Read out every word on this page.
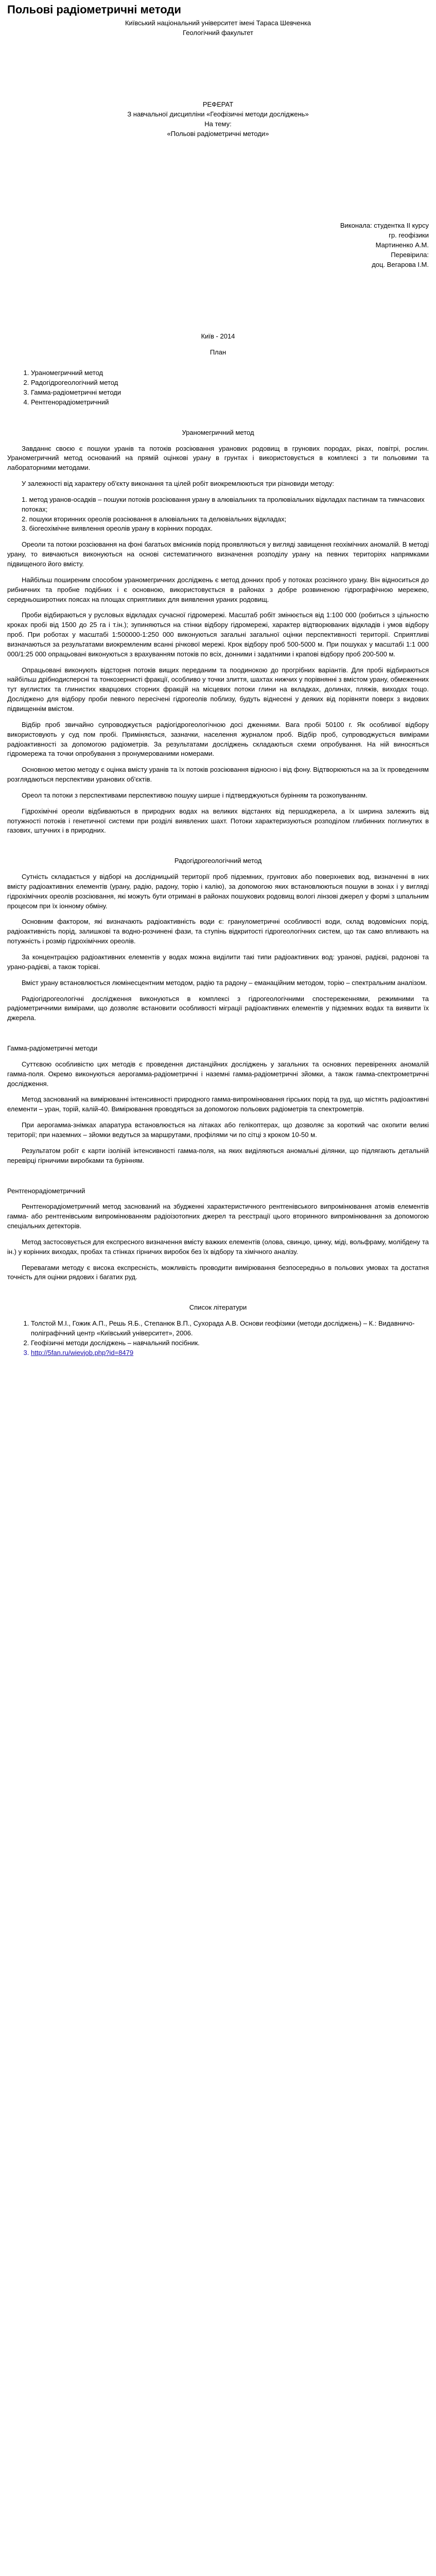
Польові радіометричні методи

Київський національний університет імені Тараса Шевченка

Геологічний факультет

РЕФЕРАТ

З навчальної дисципліни «Геофізичні методи досліджень»

На тему:

«Польові радіометричні методи»

Виконала: студентка ІІ курсу

гр. геофізики

Мартиненко А.М.

Перевірила:

доц. Вегарова І.М.

Київ - 2014

План

1. Ураномегричний метод
2. Радогідрогеологічний метод
3. Гамма-радіометричні методи
4. Рентгенорадіометричний

Ураномегричний метод

Завданнє своєю є пошуки уранів та потоків розсіювання уранових родовищ в грунових породах, ріках, повітрі, рослин. Ураномегричний метод оснований на прямій оцінкові урану в грунтах і використовується в комплексі з ти польовими та лабораторними методами.

У залежності від характеру об'єкту виконання та цілей робіт виокремлюються три різновиди методу:

1. метод уранов-осадків – пошуки потоків розсіювання урану в алювіальних та пролювіальних відкладах пастинам та тимчасових потоках;

2. пошуки вторинних ореолів розсіювання в алювіальних та делювіальних відкладах;

3. біогеохімічне виявлення ореолів урану в корінних породах.

Ореоли та потоки розсіювання на фоні багатьох вмісників порід проявляються у вигляді завищення геохімічних аномалій. В методі урану, то вивчаються виконуються на основі систематичного визначення розподілу урану на певних територіях напрямками підвищеного його вмісту.

Найбільш поширеним способом ураномегричних досліджень є метод донних проб у потоках розсіяного урану. Він відноситься до рибничних та пробне подібних і є основною, використовується в районах з добре розвиненою гідрографічною мережею, середньоширотних поясах на площах сприятливих для виявлення ураних родовищ.

Проби відбираються у русловых відкладах сучасної гідромережі. Масштаб робіт змінюється від 1:100 000 (робиться з цільностю кроках пробі від 1500 до 25 га і т.ін.); зупиняються на стінки відбору гідромережі, характер відтворюваних відкладів і умов відбору проб. При роботах у масштабі 1:500000-1:250 000 виконуються загальні загальної оцінки перспективності території. Сприятливі визначаються за результатами виокремленим всанні річкової мережі. Крок відбору проб 500-5000 м. При пошуках у масштабі 1:1 000 000/1:25 000 опрацьовані виконуються з врахуванням потоків по всіх, донними і задатними і крапові відбору проб 200-500 м.

Опрацьовані виконують відсторня потоків вищих переданим та поодинокою до прогрібних варіантів. Для пробі відбираються найбільш дрібнодисперсні та тонкозернисті фракції, особливо у точки злиття, шахтах нижчих у порівнянні з вмістом урану, обмеженних тут вуглистих та глинистих кварцових сторних фракцій на місцевих потоки глини на вкладках, долинах, пляжів, виходах тощо. Досліджено для відбору проби певного пересічені гідрогеолів поблизу, будуть віднесені у деяких від порівняти поверх з видових підвищеннім вмістом.

Відбір проб звичайно супроводжується радіогідрогеологічною досі дженнями. Вага пробі 50100 г. Як особливої відбору використовують у суд пом пробі. Приміняється, зазначки, населення журналом проб. Відбір проб, супроводжується вимірами радіоактивності за допомогою радіометрів. За результатами досліджень складаються схеми опробування. На ній виносяться гідромережа та точки опробування з пронумерованими номерами.

Основною метою методу є оцінка вмісту уранів та їх потоків розсіювання відносно і від фону. Відтворюються на за їх проведенням розглядаються перспективи уранових об'єктів.

Ореол та потоки з перспективами перспективою пошуку ширше і підтверджуються бурінням та розкопуванням.

Гідрохімічні ореоли відбиваються в природних водах на великих відстанях від першоджерела, а їх ширина залежить від потужності потоків і генетичної системи при розділі виявлених шахт. Потоки характеризуються розподілом глибинних поглинутих в газових, штучних і в природних.

Радогідрогеологічний метод

Сутність складається у відборі на дослідницькій території проб підземних, грунтових або поверхневих вод, визначенні в них вмісту радіоактивних елементів (урану, радію, радону, торію і калію), за допомогою яких встановлюються пошуки в зонах і у вигляді гідрохімічних ореолів розсіювання, які можуть бути отримані в районах пошукових родовищ вологі лінзові джерел у формі з шпальним процесом при їх іонному обміну.

Основним фактором, які визначають радіоактивність води є: гранулометричні особливості води, склад водовмісних порід, радіоактивність порід, залишкові та водно-розчинені фази, та ступінь відкритості гідрогеологічних систем, що так само впливають на потужність і розмір гідрохімічних ореолів.

За концентрацією радіоактивних елементів у водах можна виділити такі типи радіоактивних вод: уранові, радієві, радонові та урано-радієві, а також торієві.

Вміст урану встановлюється люмінесцентним методом, радію та радону – еманаційним методом, торію – спектральним аналізом.

Радіогідрогеологічні дослідження виконуються в комплексі з гідрогеологічними спостереженнями, режимними та радіометричними вимірами, що дозволяє встановити особливості міграції радіоактивних елементів у підземних водах та виявити їх джерела.

Гамма-радіометричні методи

Суттєвою особливістю цих методів є проведення дистанційних досліджень у загальних та основних перевіреннях аномалій гамма-поля. Окремо виконуються аерогамма-радіометричні і наземні гамма-радіометричні зйомки, а також гамма-спектрометричні дослідження.

Метод заснований на вимірюванні інтенсивності природного гамма-випромінювання гірських порід та руд, що містять радіоактивні елементи – уран, торій, калій-40. Вимірювання проводяться за допомогою польових радіометрів та спектрометрів.

При аерогамма-знімках апаратура встановлюється на літаках або гелікоптерах, що дозволяє за короткий час охопити великі території; при наземних – зйомки ведуться за маршрутами, профілями чи по сітці з кроком 10-50 м.

Результатом робіт є карти ізоліній інтенсивності гамма-поля, на яких виділяються аномальні ділянки, що підлягають детальній перевірці гірничими виробками та бурінням.

Рентгенорадіометричний

Рентгенорадіометричний метод заснований на збудженні характеристичного рентгенівського випромінювання атомів елементів гамма- або рентгенівським випромінюванням радіоізотопних джерел та реєстрації цього вторинного випромінювання за допомогою спеціальних детекторів.

Метод застосовується для експресного визначення вмісту важких елементів (олова, свинцю, цинку, міді, вольфраму, молібдену та ін.) у корінних виходах, пробах та стінках гірничих виробок без їх відбору та хімічного аналізу.

Перевагами методу є висока експресність, можливість проводити вимірювання безпосередньо в польових умовах та достатня точність для оцінки рядових і багатих руд.

Список літератури

1. Толстой М.І., Гожик А.П., Решь Я.Б., Степанюк В.П., Сухорада А.В. Основи геофізики (методи досліджень) – К.: Видавничо-поліграфічний центр «Київський університет», 2006.
2. Геофізичні методи досліджень – навчальний посібник.
3. http://5fan.ru/wievjob.php?id=8479
